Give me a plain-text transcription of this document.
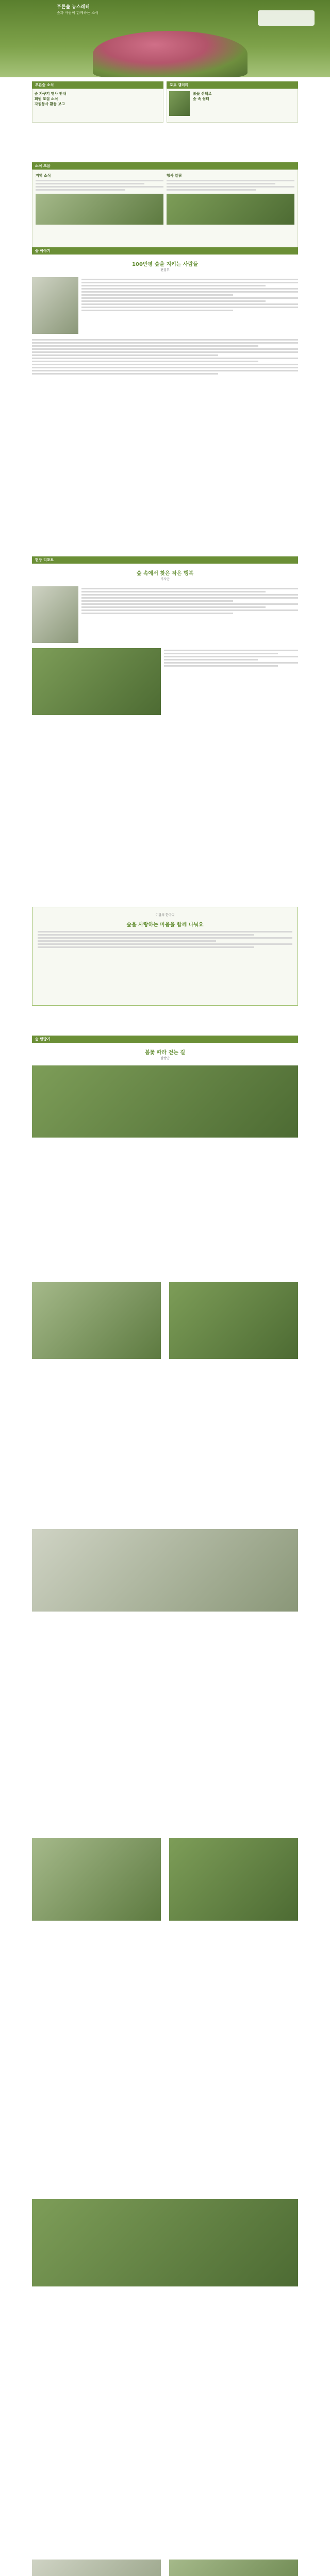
푸른숲 뉴스레터
숲과 사람이 함께하는 소식
푸른숲 소식
숲 가꾸기 행사 안내
회원 모집 소식
자원봉사 활동 보고
포토 갤러리
봄꽃 산책로
숲 속 쉼터
소식 모음
지역 소식	행사 알림
숲 이야기
100만평 숲을 지키는 사람들
편집부
현장 리포트
숲 속에서 찾은 작은 행복
기자단
이달의 한마디
숲을 사랑하는 마음을 함께 나눠요
숲 탐방기
봄꽃 따라 걷는 길
탐방단
